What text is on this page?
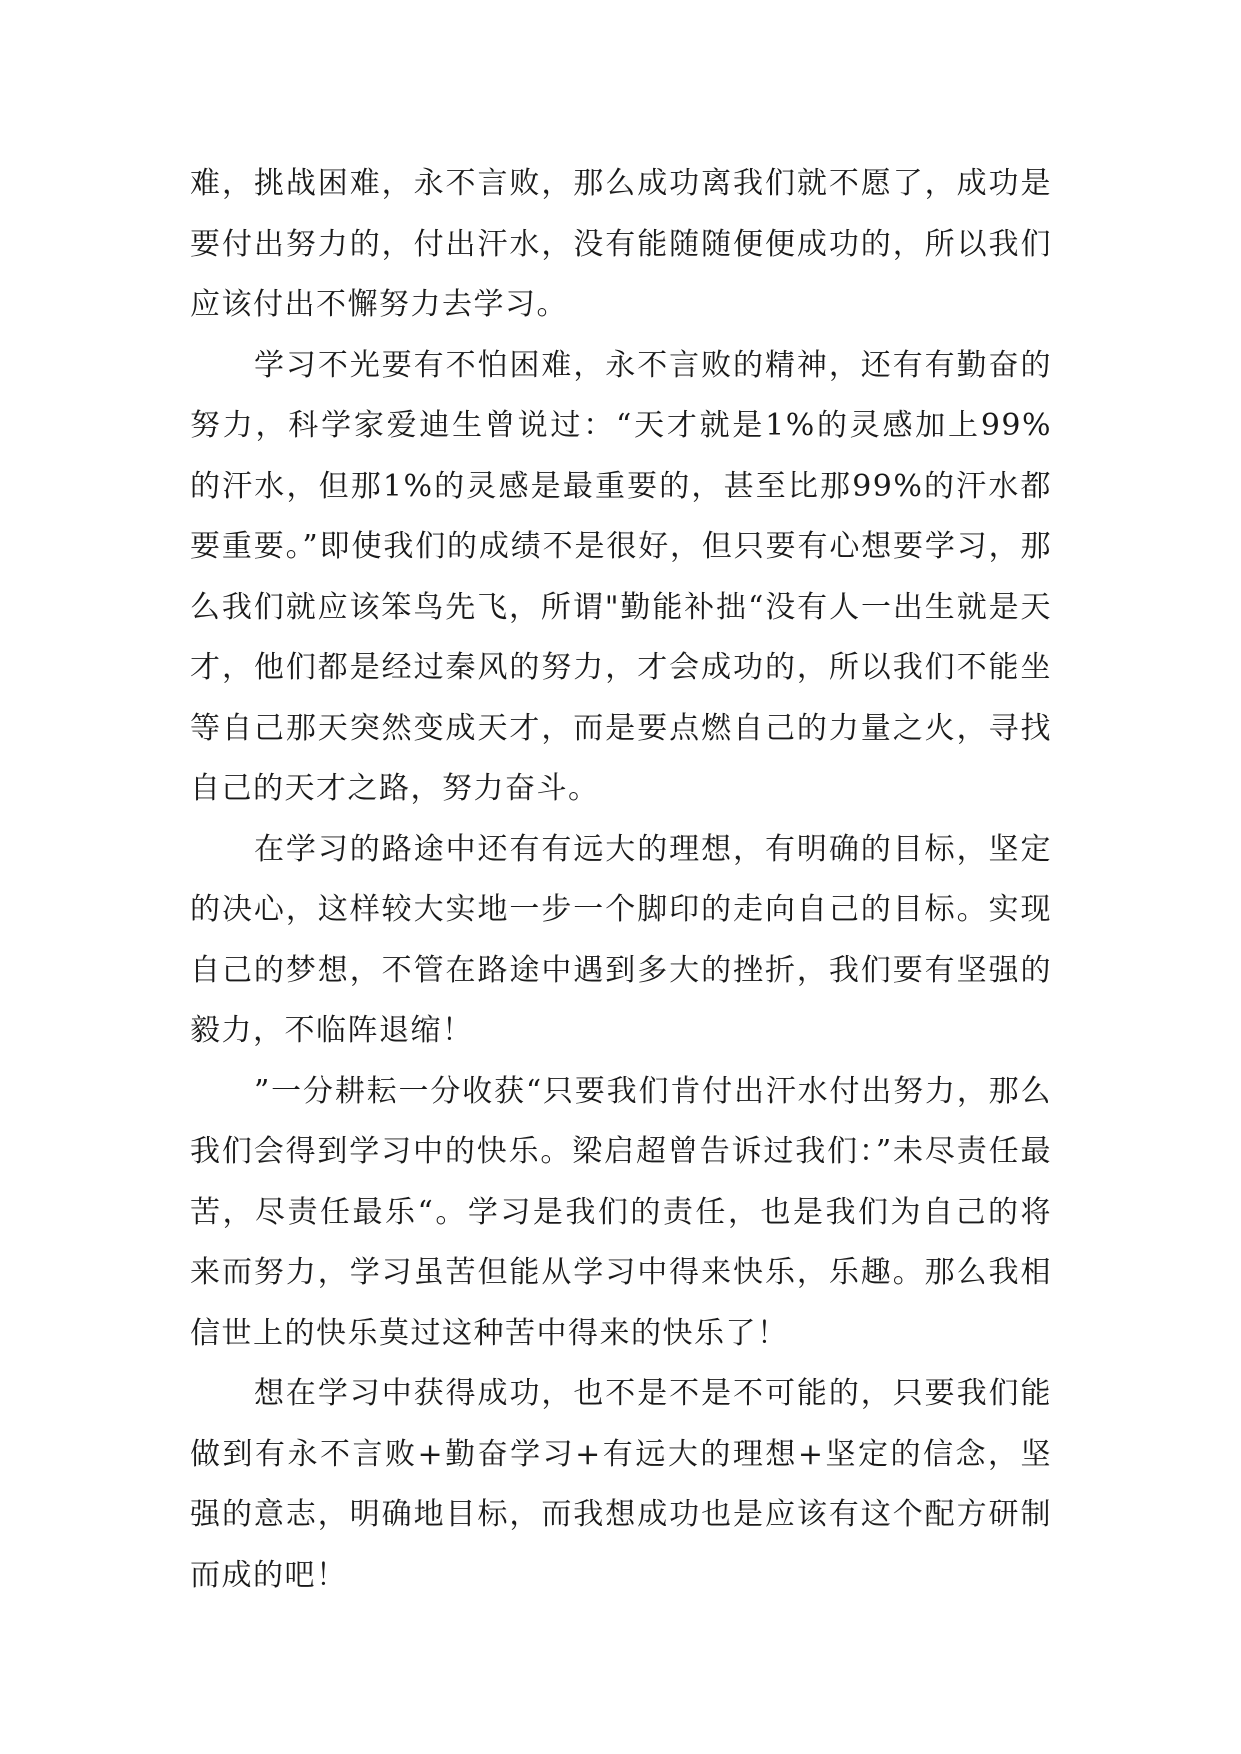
难，挑战困难，永不言败，那么成功离我们就不愿了，成功是要付出努力的，付出汗水，没有能随随便便成功的，所以我们应该付出不懈努力去学习。

学习不光要有不怕困难，永不言败的精神，还有有勤奋的努力，科学家爱迪生曾说过：“天才就是1%的灵感加上99%的汗水，但那1%的灵感是最重要的，甚至比那99%的汗水都要重要。”即使我们的成绩不是很好，但只要有心想要学习，那么我们就应该笨鸟先飞，所谓"勤能补拙“没有人一出生就是天才，他们都是经过秦风的努力，才会成功的，所以我们不能坐等自己那天突然变成天才，而是要点燃自己的力量之火，寻找自己的天才之路，努力奋斗。

在学习的路途中还有有远大的理想，有明确的目标，坚定的决心，这样较大实地一步一个脚印的走向自己的目标。实现自己的梦想，不管在路途中遇到多大的挫折，我们要有坚强的毅力，不临阵退缩！

”一分耕耘一分收获“只要我们肯付出汗水付出努力，那么我们会得到学习中的快乐。梁启超曾告诉过我们：”未尽责任最苦，尽责任最乐“。学习是我们的责任，也是我们为自己的将来而努力，学习虽苦但能从学习中得来快乐，乐趣。那么我相信世上的快乐莫过这种苦中得来的快乐了！

想在学习中获得成功，也不是不是不可能的，只要我们能做到有永不言败+勤奋学习+有远大的理想+坚定的信念，坚强的意志，明确地目标，而我想成功也是应该有这个配方研制而成的吧！
